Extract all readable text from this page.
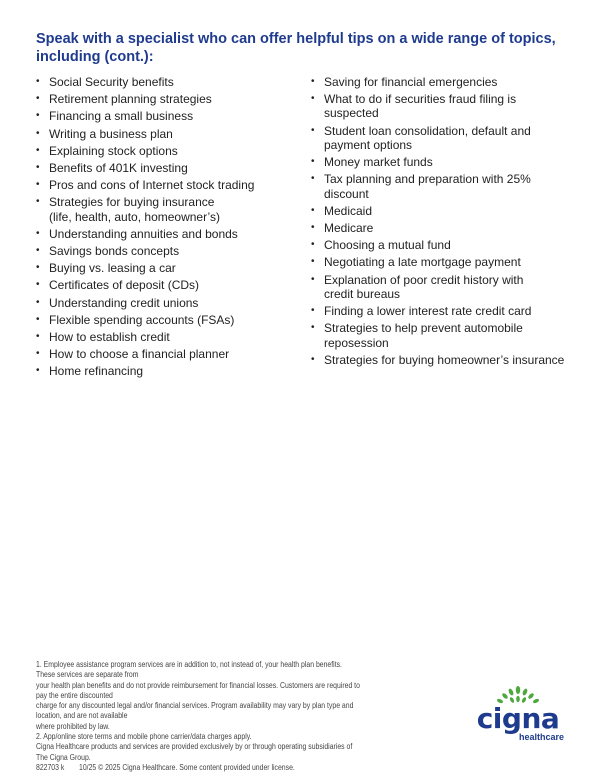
Speak with a specialist who can offer helpful tips on a wide range of topics, including (cont.):
• Social Security benefits
• Retirement planning strategies
• Financing a small business
• Writing a business plan
• Explaining stock options
• Benefits of 401K investing
• Pros and cons of Internet stock trading
• Strategies for buying insurance
(life, health, auto, homeowner’s)
• Understanding annuities and bonds
• Savings bonds concepts
• Buying vs. leasing a car
• Certificates of deposit (CDs)
• Understanding credit unions
• Flexible spending accounts (FSAs)
• How to establish credit
• How to choose a financial planner
• Home refinancing
• Saving for financial emergencies
• What to do if securities fraud filing is
suspected
• Student loan consolidation, default and
payment options
• Money market funds
• Tax planning and preparation with 25%
discount
• Medicaid
• Medicare
• Choosing a mutual fund
• Negotiating a late mortgage payment
• Explanation of poor credit history with
credit bureaus
• Finding a lower interest rate credit card
• Strategies to help prevent automobile
reposession
• Strategies for buying homeowner’s insurance

1. Employee assistance program services are in addition to, not instead of, your health plan benefits. These services are separate from
your health plan benefits and do not provide reimbursement for financial losses. Customers are required to pay the entire discounted
charge for any discounted legal and/or financial services. Program availability may vary by plan type and location, and are not available
where prohibited by law.

2. App/online store terms and mobile phone carrier/data charges apply.

Cigna Healthcare products and services are provided exclusively by or through operating subsidiaries of The Cigna Group.

822703 k 10/25 © 2025 Cigna Healthcare. Some content provided under license.

cigna
healthcare
